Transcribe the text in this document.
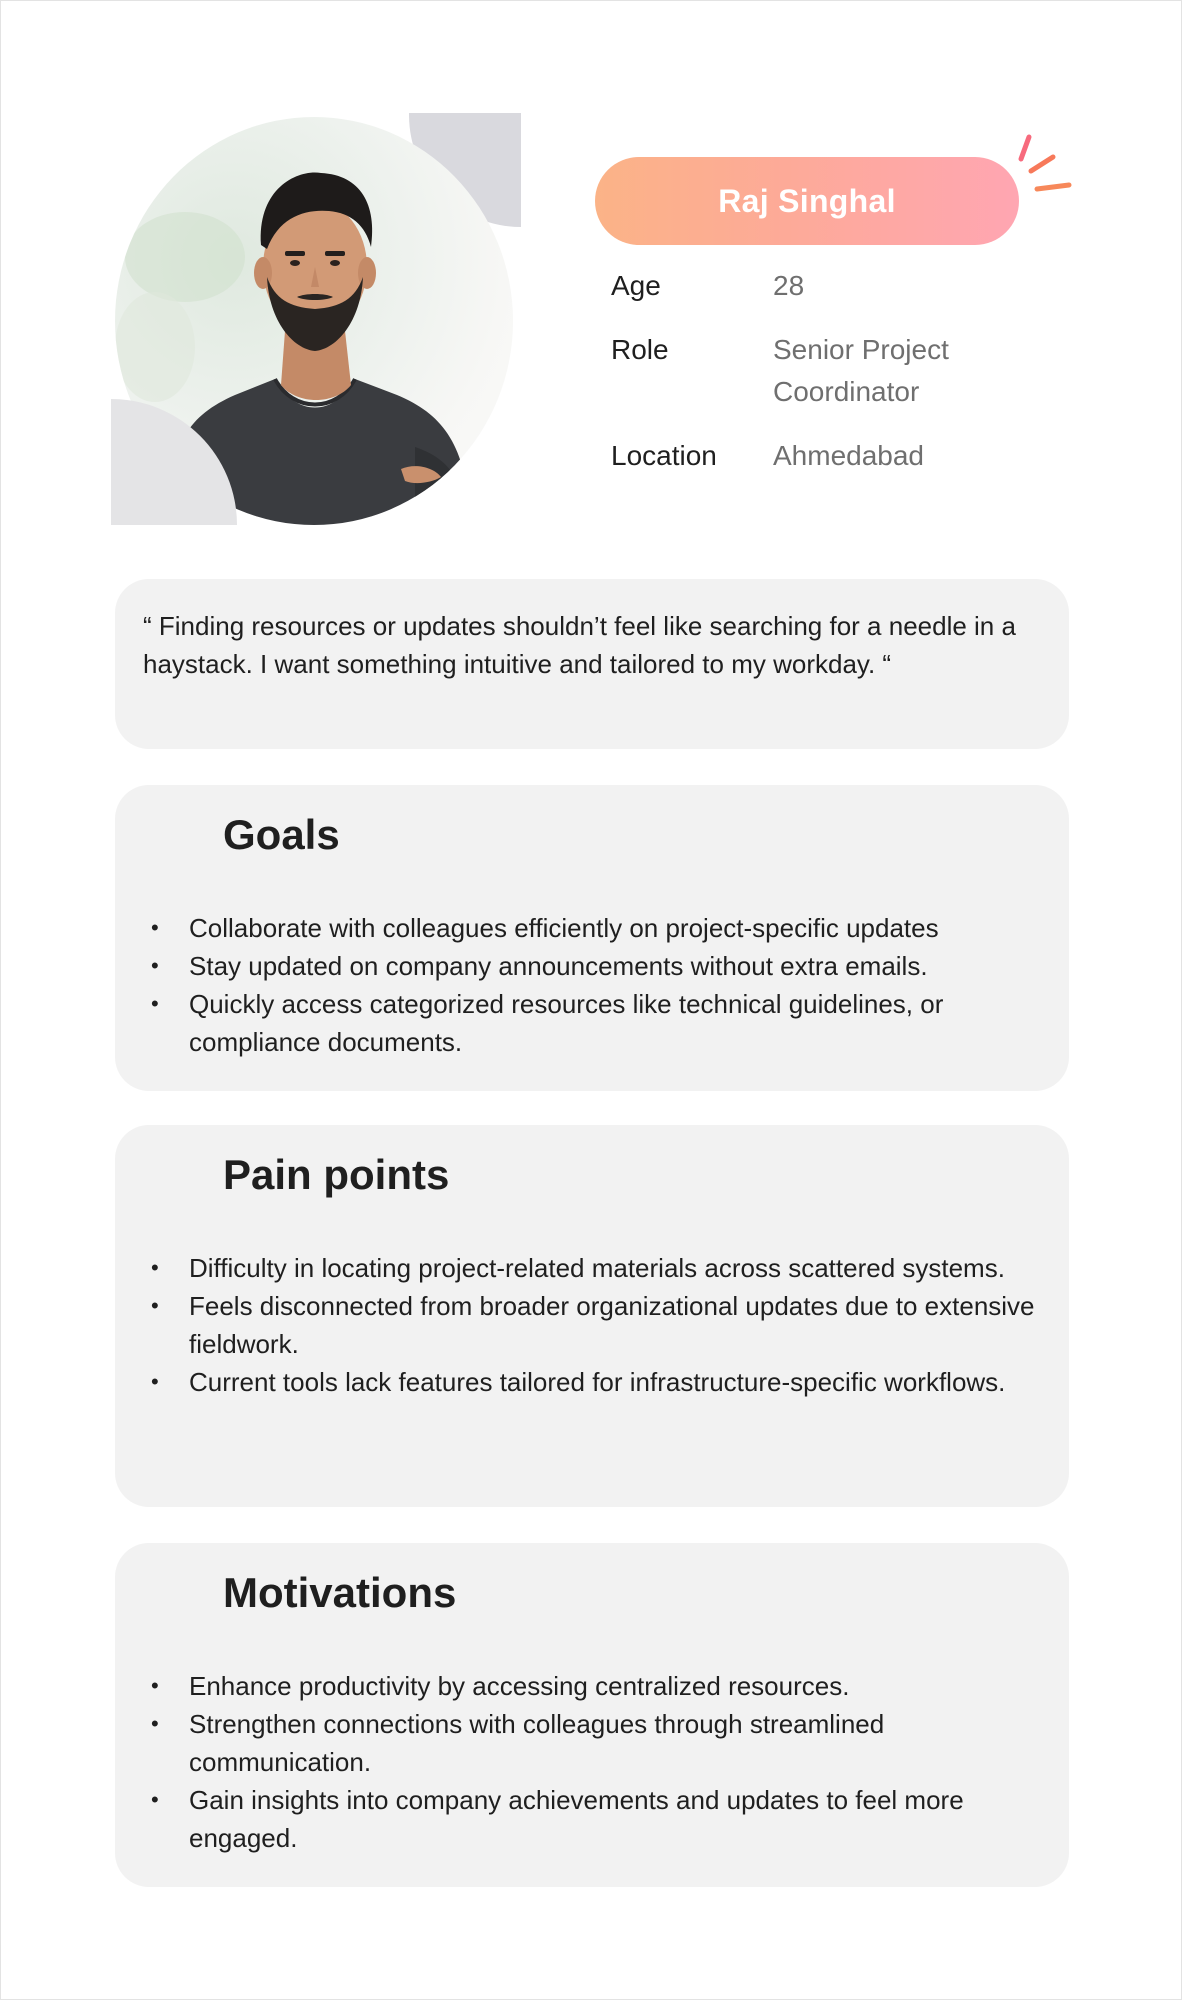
Raj Singhal
Age	28
Role	Senior Project Coordinator
Location	Ahmedabad
“ Finding resources or updates shouldn’t feel like searching for a needle in a haystack. I want something intuitive and tailored to my workday. “
Goals
• Collaborate with colleagues efficiently on project-specific updates
• Stay updated on company announcements without extra emails.
• Quickly access categorized resources like technical guidelines, or compliance documents.
Pain points
• Difficulty in locating project-related materials across scattered systems.
• Feels disconnected from broader organizational updates due to extensive fieldwork.
• Current tools lack features tailored for infrastructure-specific workflows.
Motivations
• Enhance productivity by accessing centralized resources.
• Strengthen connections with colleagues through streamlined communication.
• Gain insights into company achievements and updates to feel more engaged.
